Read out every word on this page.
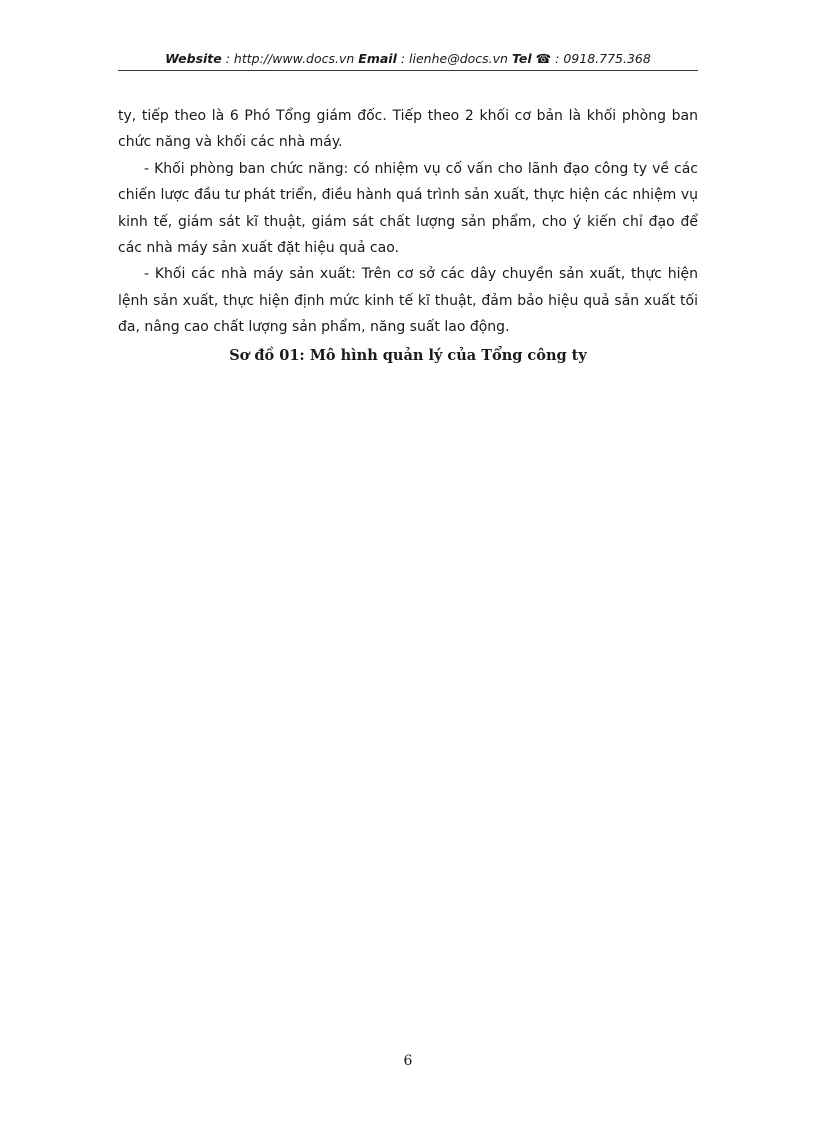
Website : http://www.docs.vn Email : lienhe@docs.vn Tel ☎ : 0918.775.368

ty, tiếp theo là 6 Phó Tổng giám đốc. Tiếp theo 2 khối cơ bản là khối phòng ban chức năng và khối các nhà máy.

- Khối phòng ban chức năng: có nhiệm vụ cố vấn cho lãnh đạo công ty về các chiến lược đầu tư phát triển, điều hành quá trình sản xuất, thực hiện các nhiệm vụ kinh tế, giám sát kĩ thuật, giám sát chất lượng sản phẩm, cho ý kiến chỉ đạo để các nhà máy sản xuất đặt hiệu quả cao.

- Khối các nhà máy sản xuất: Trên cơ sở các dây chuyền sản xuất, thực hiện lệnh sản xuất, thực hiện định mức kinh tế kĩ thuật, đảm bảo hiệu quả sản xuất tối đa, nâng cao chất lượng sản phẩm, năng suất lao động.

Sơ đồ 01: Mô hình quản lý của Tổng công ty

6
